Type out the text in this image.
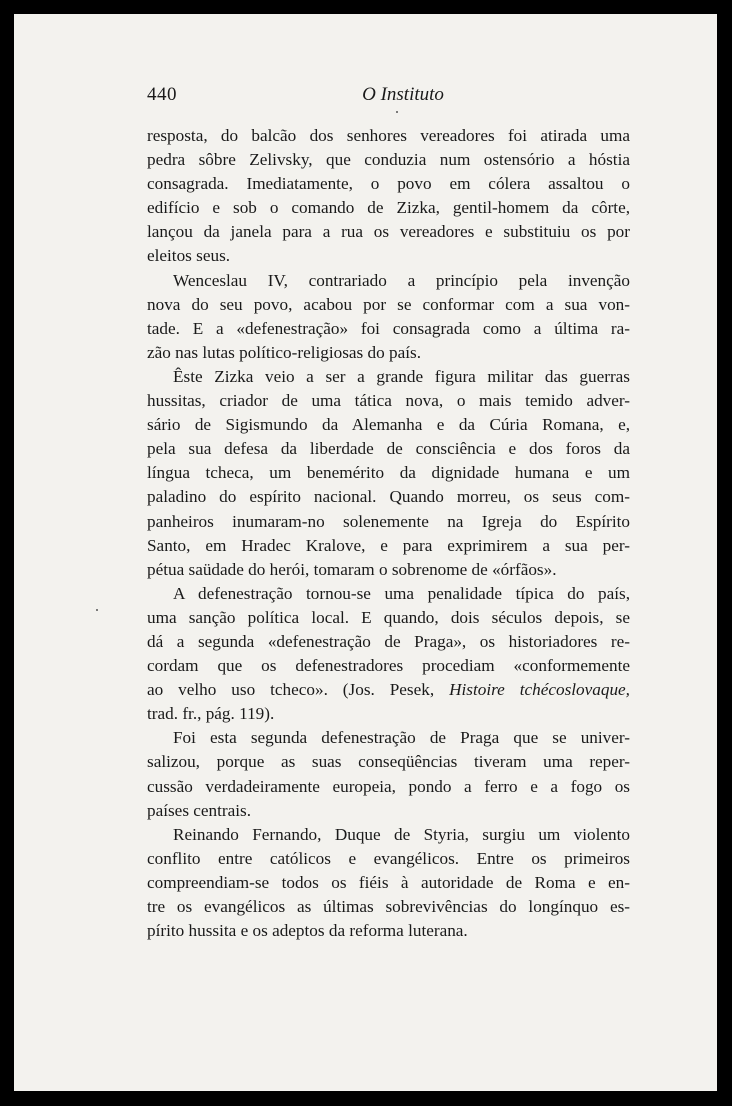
440	O Instituto
resposta, do balcão dos senhores vereadores foi atirada uma
pedra sôbre Zelivsky, que conduzia num ostensório a hóstia
consagrada. Imediatamente, o povo em cólera assaltou o
edifício e sob o comando de Zizka, gentil-homem da côrte,
lançou da janela para a rua os vereadores e substituiu os por
eleitos seus.
Wenceslau IV, contrariado a princípio pela invenção
nova do seu povo, acabou por se conformar com a sua von-
tade. E a «defenestração» foi consagrada como a última ra-
zão nas lutas político-religiosas do país.
Êste Zizka veio a ser a grande figura militar das guerras
hussitas, criador de uma tática nova, o mais temido adver-
sário de Sigismundo da Alemanha e da Cúria Romana, e,
pela sua defesa da liberdade de consciência e dos foros da
língua tcheca, um benemérito da dignidade humana e um
paladino do espírito nacional. Quando morreu, os seus com-
panheiros inumaram-no solenemente na Igreja do Espírito
Santo, em Hradec Kralove, e para exprimirem a sua per-
pétua saüdade do herói, tomaram o sobrenome de «órfãos».
A defenestração tornou-se uma penalidade típica do país,
uma sanção política local. E quando, dois séculos depois, se
dá a segunda «defenestração de Praga», os historiadores re-
cordam que os defenestradores procediam «conformemente
ao velho uso tcheco». (Jos. Pesek, Histoire tchécoslovaque,
trad. fr., pág. 119).
Foi esta segunda defenestração de Praga que se univer-
salizou, porque as suas conseqüências tiveram uma reper-
cussão verdadeiramente europeia, pondo a ferro e a fogo os
países centrais.
Reinando Fernando, Duque de Styria, surgiu um violento
conflito entre católicos e evangélicos. Entre os primeiros
compreendiam-se todos os fiéis à autoridade de Roma e en-
tre os evangélicos as últimas sobrevivências do longínquo es-
pírito hussita e os adeptos da reforma luterana.
